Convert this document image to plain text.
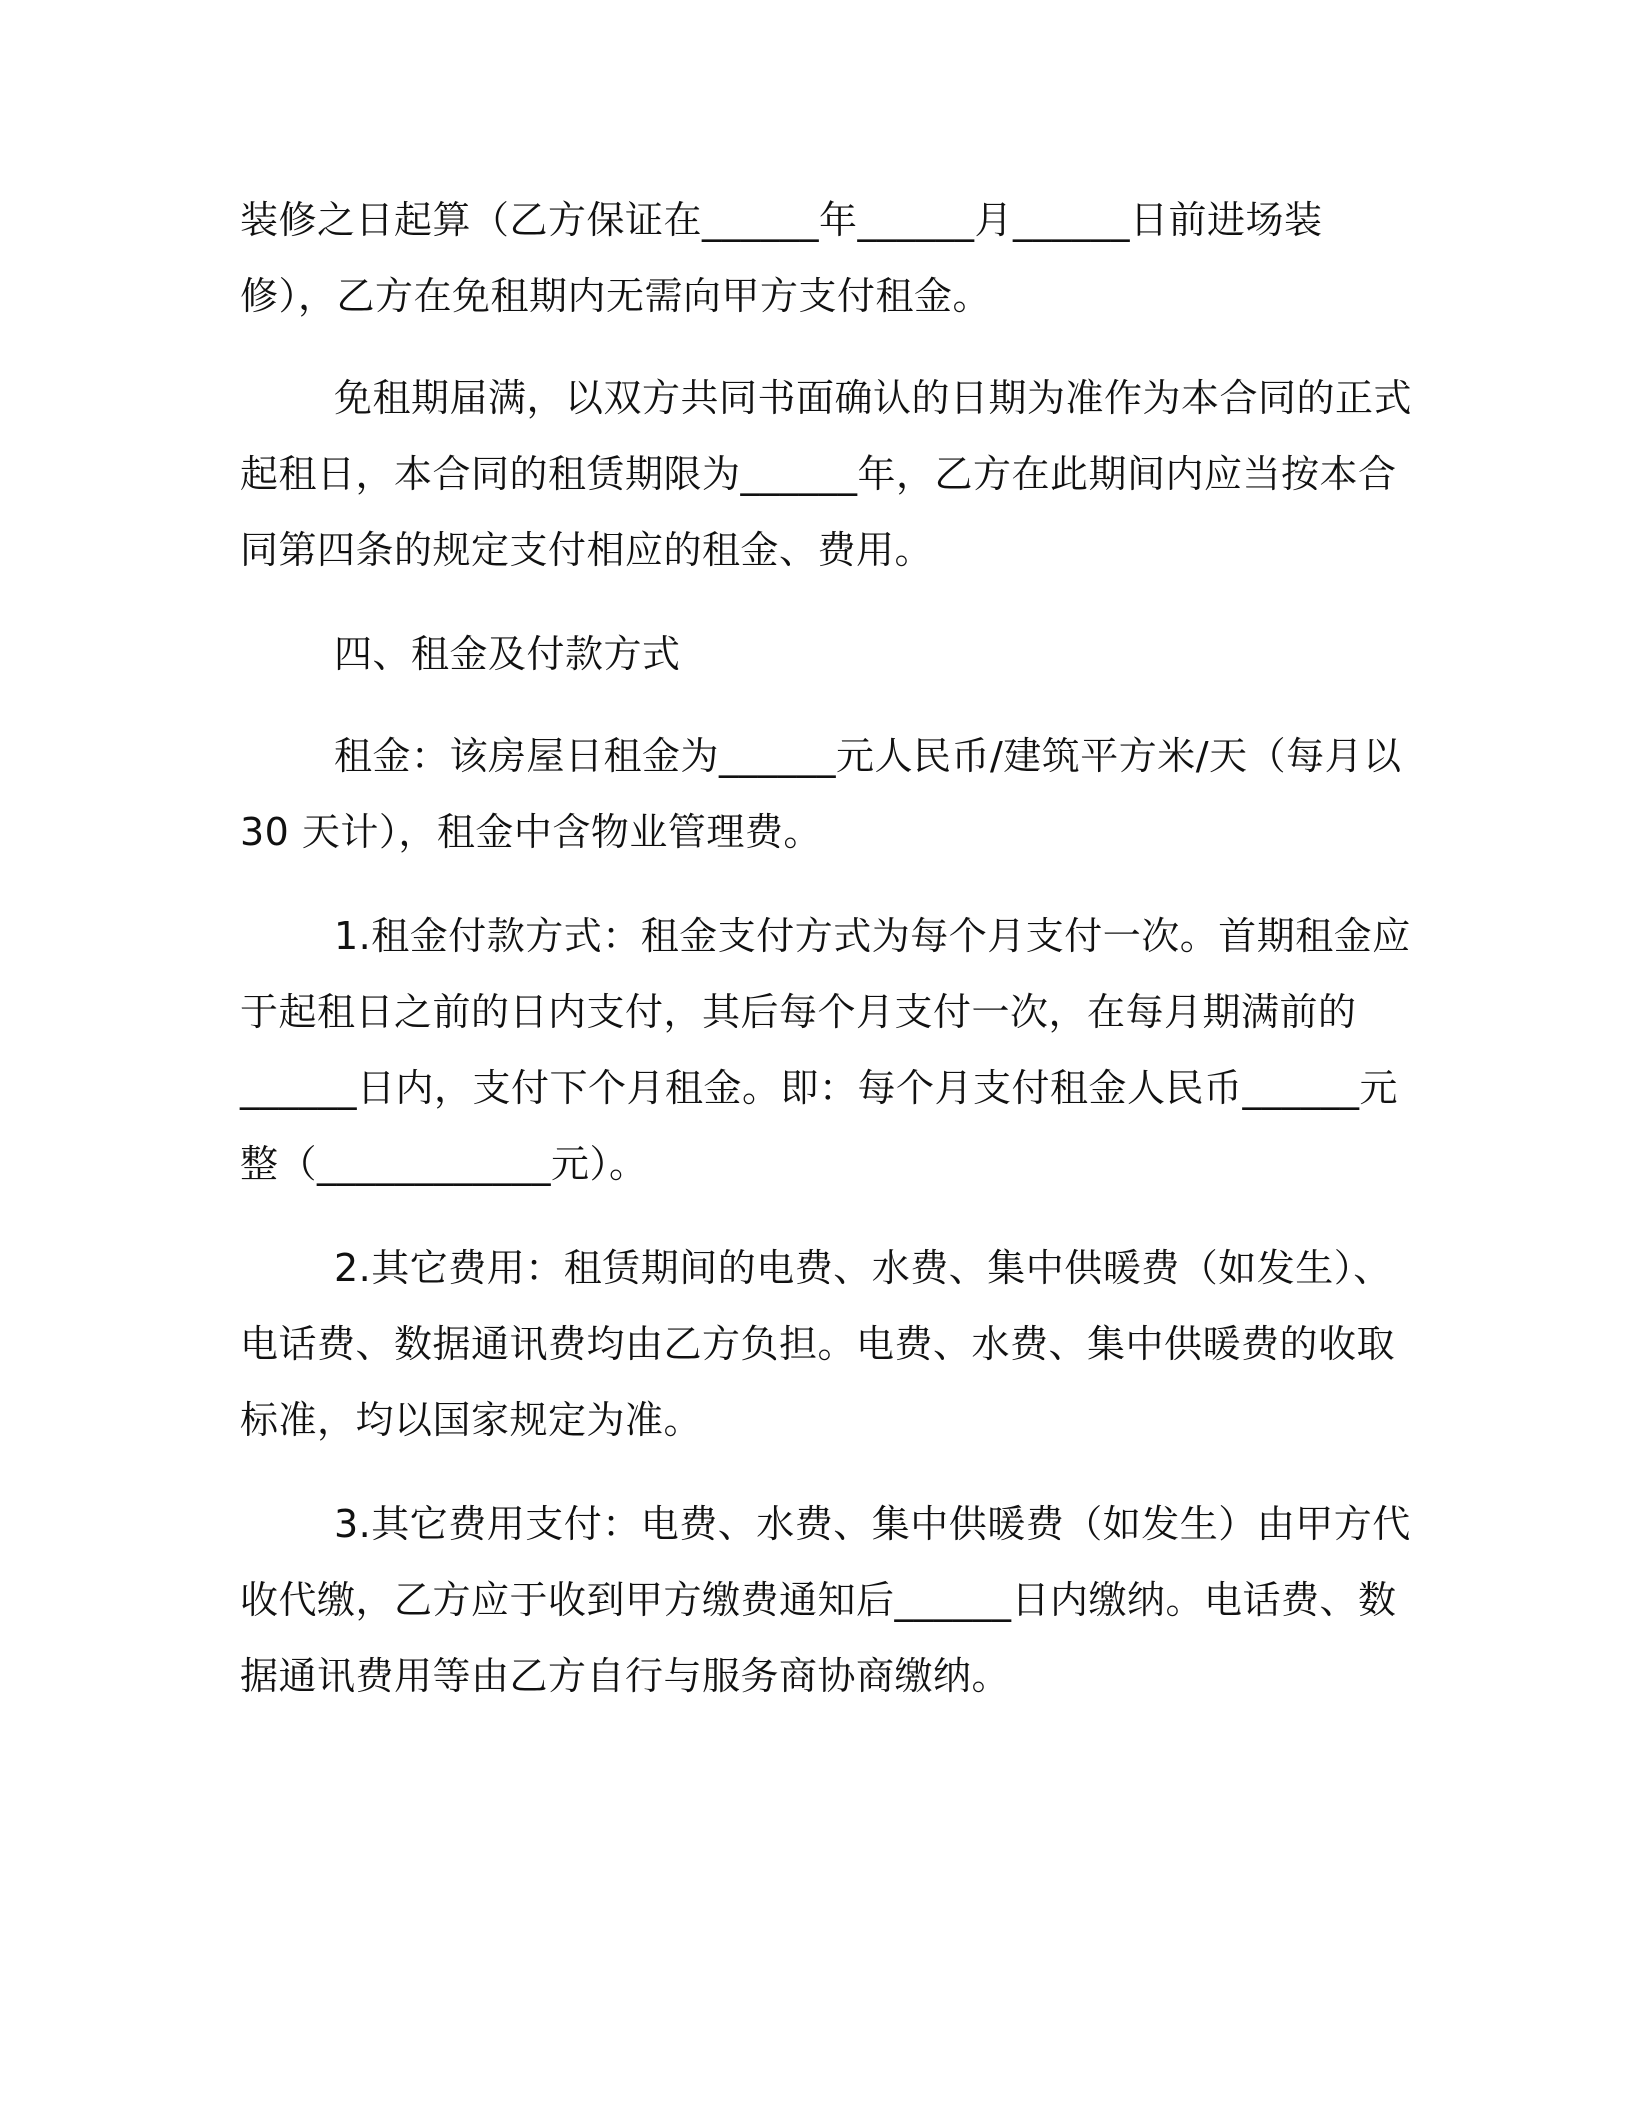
装修之日起算（乙方保证在______年______月______日前进场装
修），乙方在免租期内无需向甲方支付租金。
免租期届满，以双方共同书面确认的日期为准作为本合同的正式
起租日，本合同的租赁期限为______年，乙方在此期间内应当按本合
同第四条的规定支付相应的租金、费用。
四、租金及付款方式
租金：该房屋日租金为______元人民币/建筑平方米/天（每月以
30 天计），租金中含物业管理费。
1.租金付款方式：租金支付方式为每个月支付一次。首期租金应
于起租日之前的日内支付，其后每个月支付一次，在每月期满前的
______日内，支付下个月租金。即：每个月支付租金人民币______元
整（____________元）。
2.其它费用：租赁期间的电费、水费、集中供暖费（如发生）、
电话费、数据通讯费均由乙方负担。电费、水费、集中供暖费的收取
标准，均以国家规定为准。
3.其它费用支付：电费、水费、集中供暖费（如发生）由甲方代
收代缴，乙方应于收到甲方缴费通知后______日内缴纳。电话费、数
据通讯费用等由乙方自行与服务商协商缴纳。
